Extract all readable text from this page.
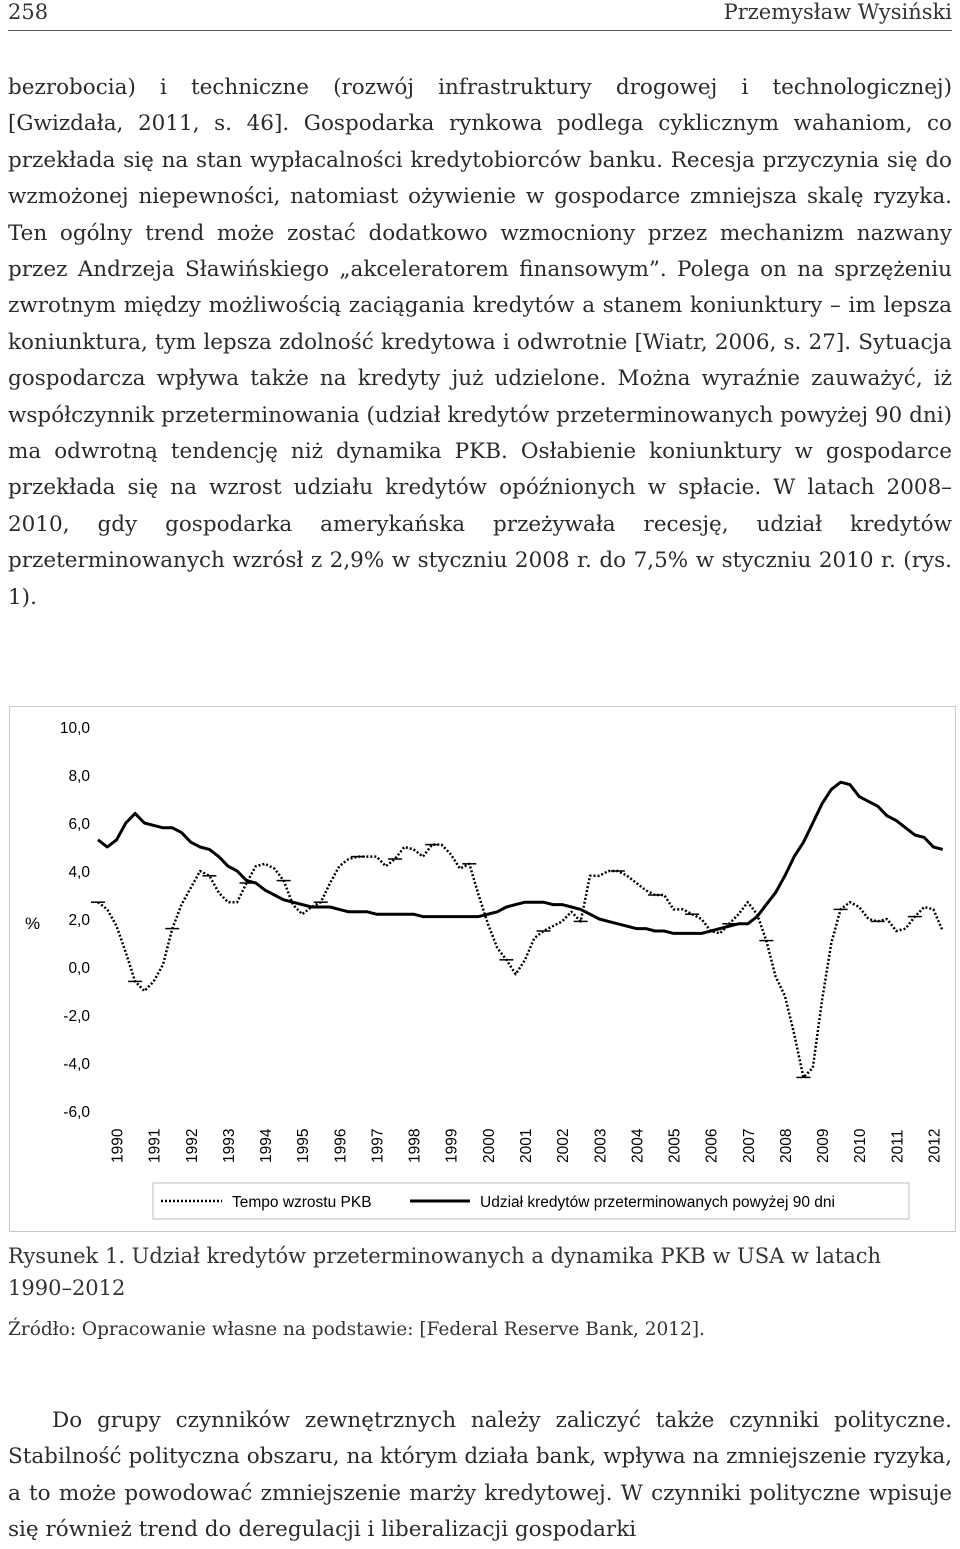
258	Przemysław Wysiński
bezrobocia) i techniczne (rozwój infrastruktury drogowej i technologicznej) [Gwizdała, 2011, s. 46]. Gospodarka rynkowa podlega cyklicznym wahaniom, co przekłada się na stan wypłacalności kredytobiorców banku. Recesja przyczynia się do wzmożonej niepewności, natomiast ożywienie w gospodarce zmniejsza skalę ryzyka. Ten ogólny trend może zostać dodatkowo wzmocniony przez mechanizm nazwany przez Andrzeja Sławińskiego „akceleratorem finansowym”. Polega on na sprzężeniu zwrotnym między możliwością zaciągania kredytów a stanem koniunktury – im lepsza koniunktura, tym lepsza zdolność kredytowa i odwrotnie [Wiatr, 2006, s. 27]. Sytuacja gospodarcza wpływa także na kredyty już udzielone. Można wyraźnie zauważyć, iż współczynnik przeterminowania (udział kredytów przeterminowanych powyżej 90 dni) ma odwrotną tendencję niż dynamika PKB. Osłabienie koniunktury w gospodarce przekłada się na wzrost udziału kredytów opóźnionych w spłacie. W latach 2008–2010, gdy gospodarka amerykańska przeżywała recesję, udział kredytów przeterminowanych wzrósł z 2,9% w styczniu 2008 r. do 7,5% w styczniu 2010 r. (rys. 1).
10,0
8,0
6,0
4,0
2,0
0,0
-2,0
-4,0
-6,0
1990 1991 1992 1993 1994 1995 1996 1997 1998 1999 2000 2001 2002 2003 2004 2005 2006 2007 2008 2009 2010 2011 2012
%
Tempo wzrostu PKB	Udział kredytów przeterminowanych powyżej 90 dni
Rysunek 1. Udział kredytów przeterminowanych a dynamika PKB w USA w latach 1990–2012
Źródło: Opracowanie własne na podstawie: [Federal Reserve Bank, 2012].
Do grupy czynników zewnętrznych należy zaliczyć także czynniki polityczne. Stabilność polityczna obszaru, na którym działa bank, wpływa na zmniejszenie ryzyka, a to może powodować zmniejszenie marży kredytowej. W czynniki polityczne wpisuje się również trend do deregulacji i liberalizacji gospodarki
